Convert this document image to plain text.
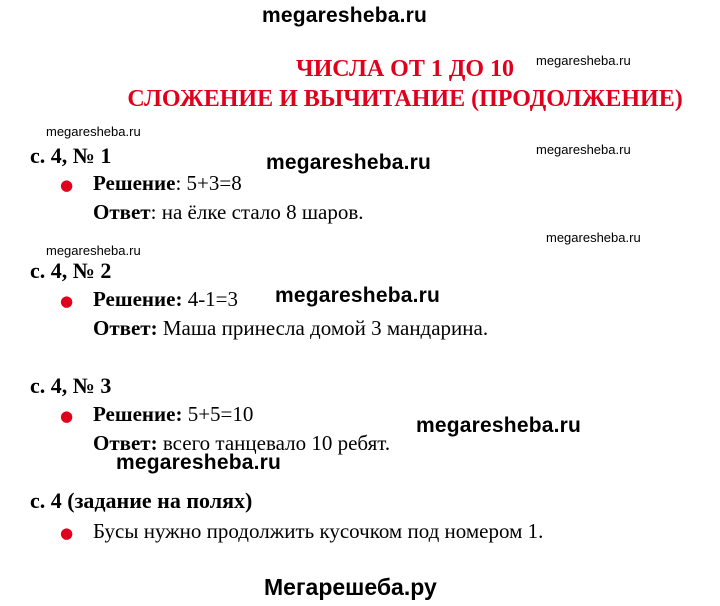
megaresheba.ru
ЧИСЛА ОТ 1 ДО 10
СЛОЖЕНИЕ И ВЫЧИТАНИЕ (ПРОДОЛЖЕНИЕ)
megaresheba.ru
megaresheba.ru
megaresheba.ru
megaresheba.ru
megaresheba.ru
с. 4, № 1	megaresheba.ru
● Решение: 5+3=8
Ответ: на ёлке стало 8 шаров.
с. 4, № 2
● Решение: 4-1=3 megaresheba.ru
Ответ: Маша принесла домой 3 мандарина.
с. 4, № 3
● Решение: 5+5=10
Ответ: всего танцевало 10 ребят.
megaresheba.ru
megaresheba.ru
с. 4 (задание на полях)
● Бусы нужно продолжить кусочком под номером 1.
Мегарешеба.ру
